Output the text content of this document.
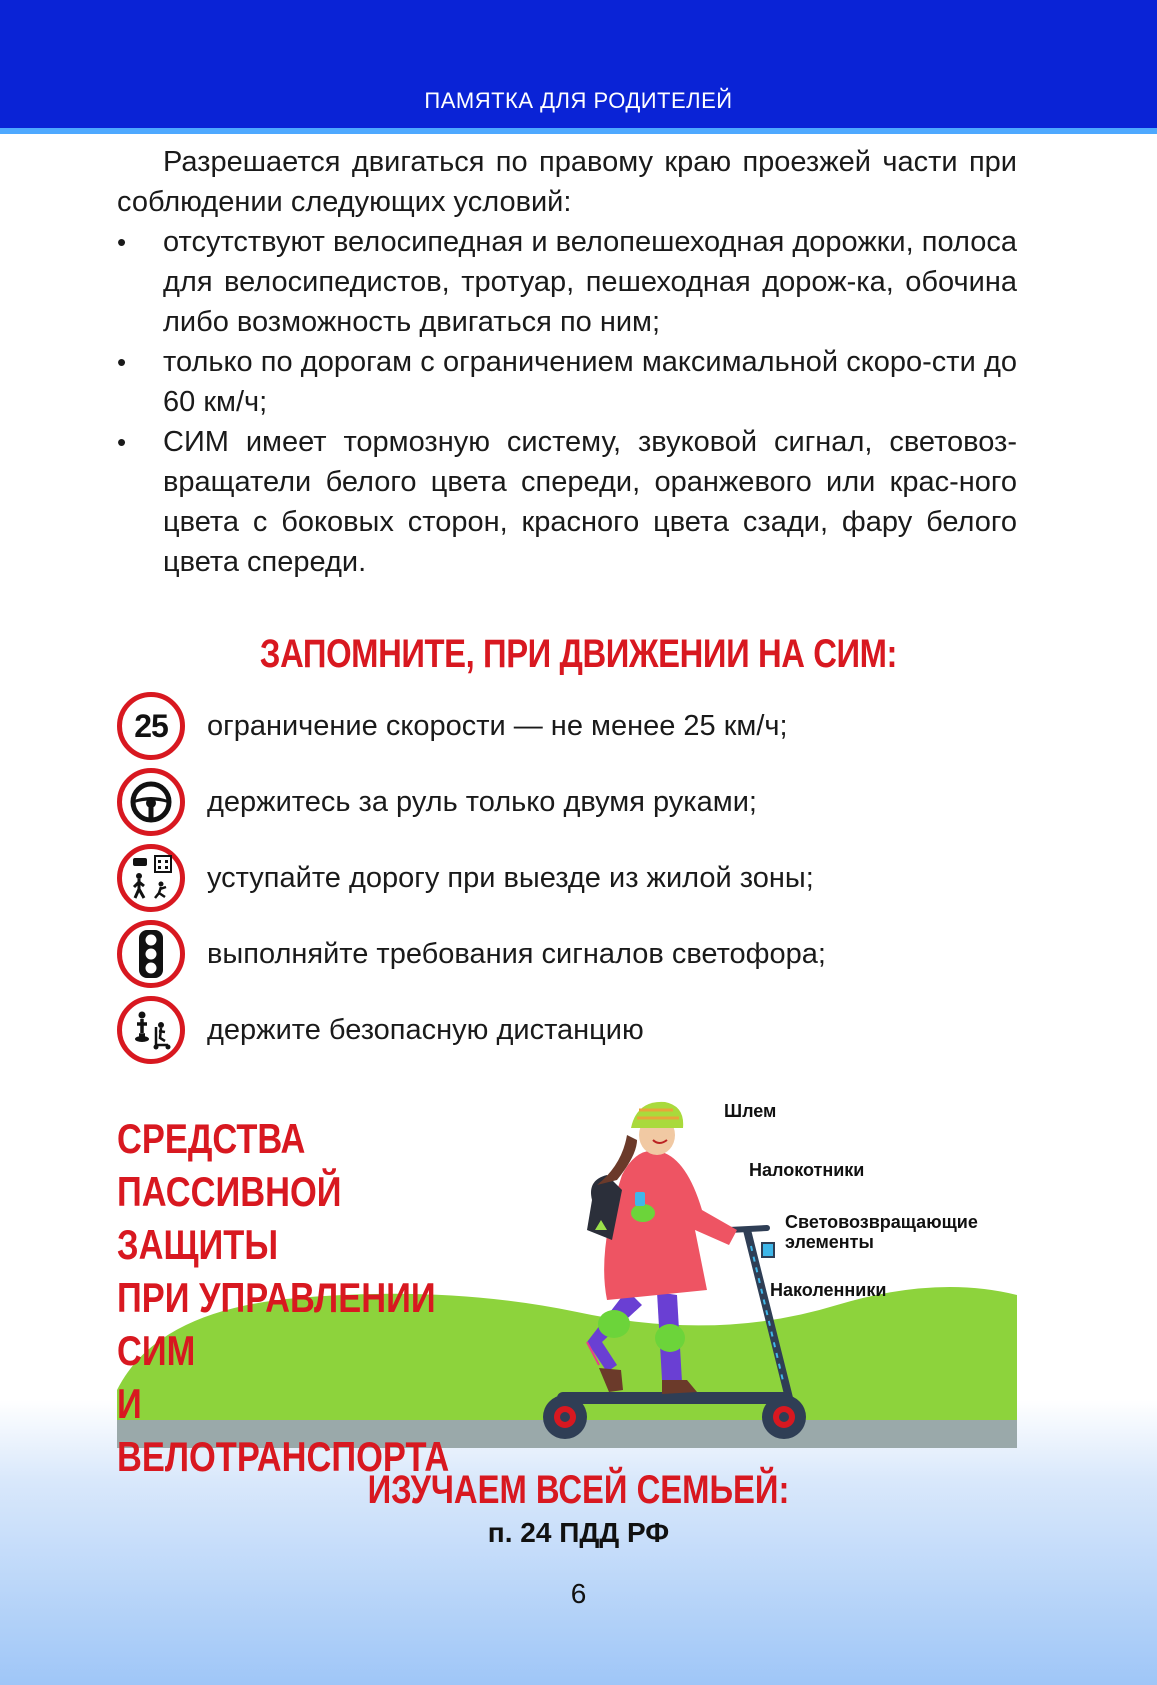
ПАМЯТКА ДЛЯ РОДИТЕЛЕЙ

Разрешается двигаться по правому краю проезжей части при соблюдении следующих условий:

• отсутствуют велосипедная и велопешеходная дорожки, полоса для велосипедистов, тротуар, пешеходная дорож-ка, обочина либо возможность двигаться по ним;
• только по дорогам с ограничением максимальной скоро-сти до 60 км/ч;
• СИМ имеет тормозную систему, звуковой сигнал, световоз-вращатели белого цвета спереди, оранжевого или крас-ного цвета с боковых сторон, красного цвета сзади, фару белого цвета спереди.
ЗАПОМНИТЕ, ПРИ ДВИЖЕНИИ НА СИМ:
25 ограничение скорости — не менее 25 км/ч;
держитесь за руль только двумя руками;
уступайте дорогу при выезде из жилой зоны;
выполняйте требования сигналов светофора;
держите безопасную дистанцию
Шлем
Налокотники
Световозвращающие
элементы
Наколенники
СРЕДСТВА
ПАССИВНОЙ ЗАЩИТЫ
ПРИ УПРАВЛЕНИИ СИМ
И ВЕЛОТРАНСПОРТА
ИЗУЧАЕМ ВСЕЙ СЕМЬЕЙ:
п. 24 ПДД РФ
6
